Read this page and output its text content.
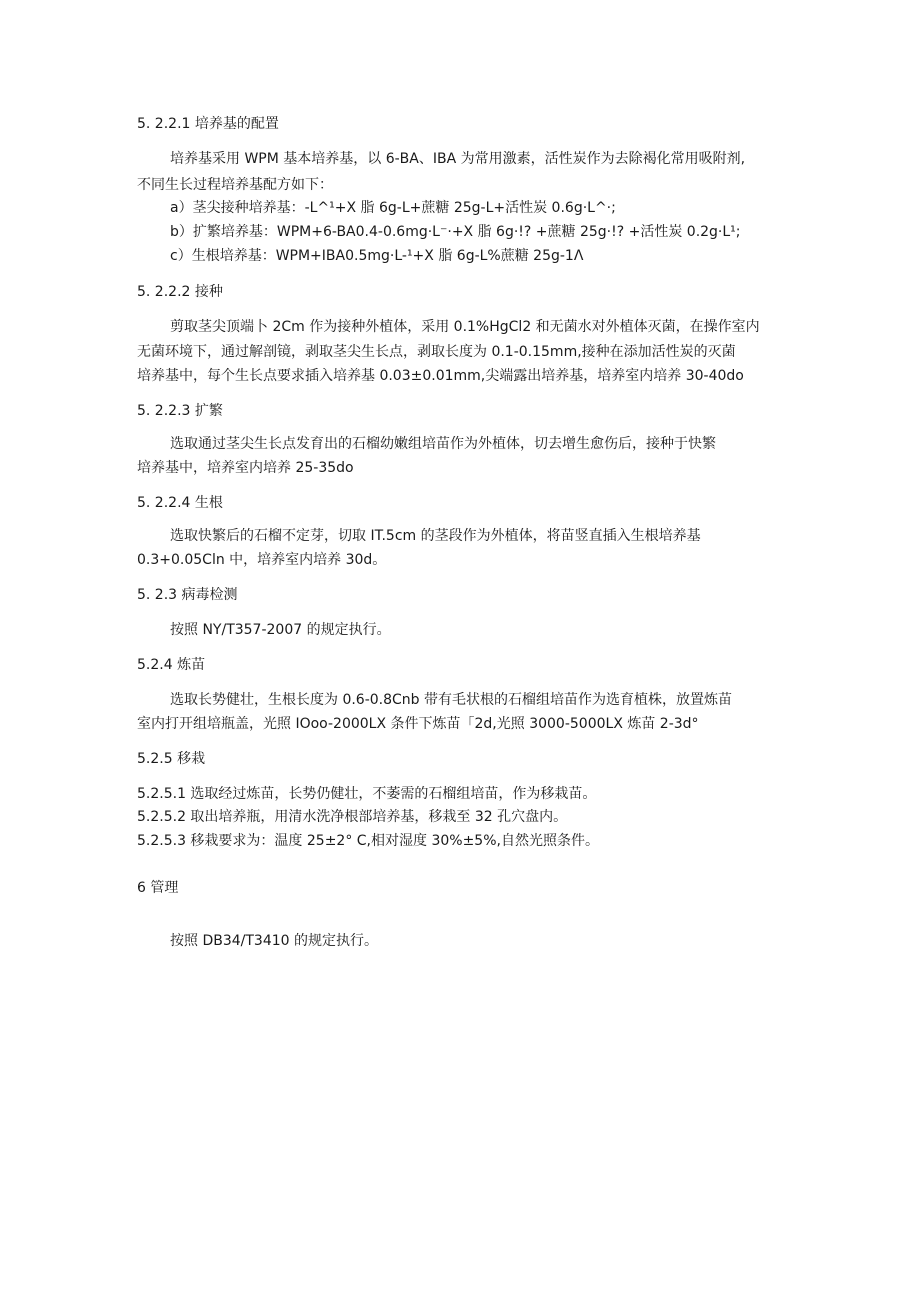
5. 2.2.1 培养基的配置
培养基采用 WPM 基本培养基，以 6-BA、IBA 为常用激素，活性炭作为去除褐化常用吸附剂,
不同生长过程培养基配方如下：
a）茎尖接种培养基：-L^¹+X 脂 6g-L+蔗糖 25g-L+活性炭 0.6g·L^·;
b）扩繁培养基：WPM+6-BA0.4-0.6mg·L⁻·+X 脂 6g·!? +蔗糖 25g·!? +活性炭 0.2g·L¹;
c）生根培养基：WPM+IBA0.5mg·L-¹+X 脂 6g-L%蔗糖 25g-1Λ
5. 2.2.2 接种
剪取茎尖顶端卜 2Cm 作为接种外植体，采用 0.1%HgCl2 和无菌水对外植体灭菌，在操作室内
无菌环境下，通过解剖镜，剥取茎尖生长点，剥取长度为 0.1-0.15mm,接种在添加活性炭的灭菌
培养基中，每个生长点要求插入培养基 0.03±0.01mm,尖端露出培养基，培养室内培养 30-40do
5. 2.2.3 扩繁
选取通过茎尖生长点发育出的石榴幼嫩组培苗作为外植体，切去增生愈伤后，接种于快繁
培养基中，培养室内培养 25-35do
5. 2.2.4 生根
选取快繁后的石榴不定芽，切取 IT.5cm 的茎段作为外植体，将苗竖直插入生根培养基
0.3+0.05Cln 中，培养室内培养 30d。
5. 2.3 病毒检测
按照 NY/T357-2007 的规定执行。
5.2.4 炼苗
选取长势健壮，生根长度为 0.6-0.8Cnb 带有毛状根的石榴组培苗作为选育植株，放置炼苗
室内打开组培瓶盖，光照 IOoo-2000LX 条件下炼苗「2d,光照 3000-5000LX 炼苗 2-3d°
5.2.5 移栽
5.2.5.1 选取经过炼苗，长势仍健壮，不萎需的石榴组培苗，作为移栽苗。
5.2.5.2 取出培养瓶，用清水洗净根部培养基，移栽至 32 孔穴盘内。
5.2.5.3 移栽要求为：温度 25±2° C,相对湿度 30%±5%,自然光照条件。
6 管理
按照 DB34/T3410 的规定执行。
